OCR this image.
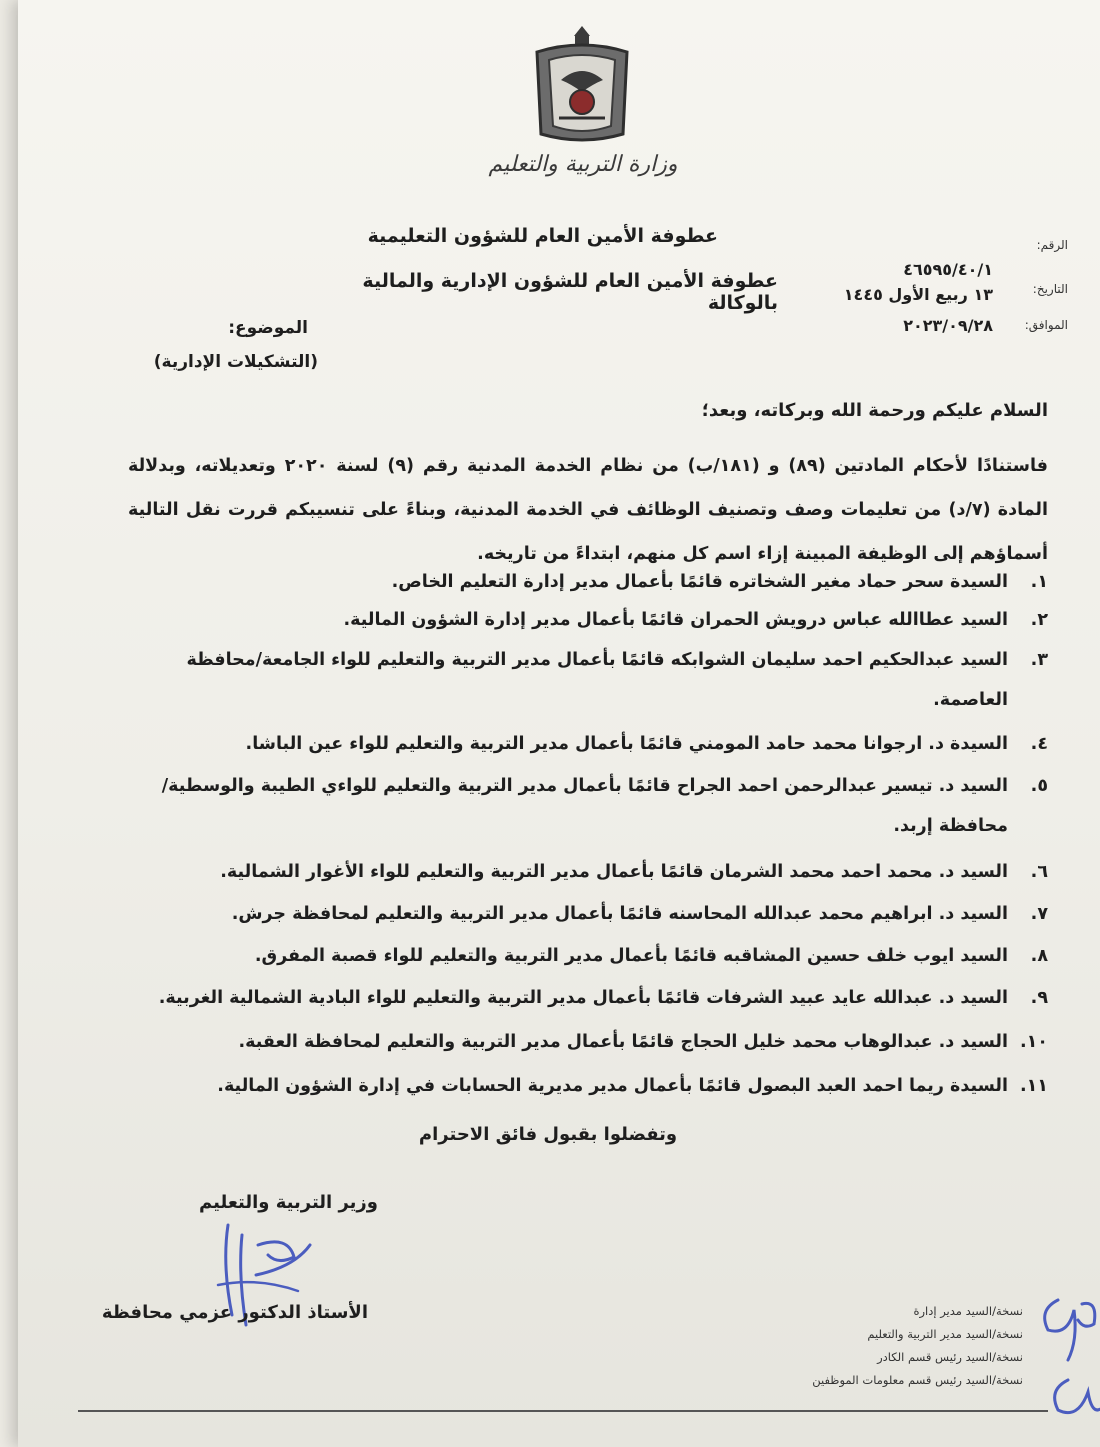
وزارة التربية والتعليم
عطوفة الأمين العام للشؤون التعليمية
عطوفة الأمين العام للشؤون الإدارية والمالية بالوكالة
الرقم:
٤٦٥٩٥/٤٠/١
التاريخ:
١٣ ربيع الأول ١٤٤٥
الموافق:
٢٠٢٣/٠٩/٢٨
الموضوع:
(التشكيلات الإدارية)
السلام عليكم ورحمة الله وبركاته، وبعد؛
فاستنادًا لأحكام المادتين (٨٩) و (١٨١/ب) من نظام الخدمة المدنية رقم (٩) لسنة ٢٠٢٠ وتعديلاته، وبدلالة المادة (٧/د) من تعليمات وصف وتصنيف الوظائف في الخدمة المدنية، وبناءً على تنسيبكم قررت نقل التالية أسماؤهم إلى الوظيفة المبينة إزاء اسم كل منهم، ابتداءً من تاريخه.
١.
السيدة سحر حماد مغير الشخاتره قائمًا بأعمال مدير إدارة التعليم الخاص.
٢.
السيد عطاالله عباس درويش الحمران قائمًا بأعمال مدير إدارة الشؤون المالية.
٣.
السيد عبدالحكيم احمد سليمان الشوابكه قائمًا بأعمال مدير التربية والتعليم للواء الجامعة/محافظة العاصمة.
٤.
السيدة د. ارجوانا محمد حامد المومني قائمًا بأعمال مدير التربية والتعليم للواء عين الباشا.
٥.
السيد د. تيسير عبدالرحمن احمد الجراح قائمًا بأعمال مدير التربية والتعليم للواءي الطيبة والوسطية/محافظة إربد.
٦.
السيد د. محمد احمد محمد الشرمان قائمًا بأعمال مدير التربية والتعليم للواء الأغوار الشمالية.
٧.
السيد د. ابراهيم محمد عبدالله المحاسنه قائمًا بأعمال مدير التربية والتعليم لمحافظة جرش.
٨.
السيد ايوب خلف حسين المشاقبه قائمًا بأعمال مدير التربية والتعليم للواء قصبة المفرق.
٩.
السيد د. عبدالله عايد عبيد الشرفات قائمًا بأعمال مدير التربية والتعليم للواء البادية الشمالية الغربية.
١٠.
السيد د. عبدالوهاب محمد خليل الحجاج قائمًا بأعمال مدير التربية والتعليم لمحافظة العقبة.
١١.
السيدة ريما احمد العبد البصول قائمًا بأعمال مدير مديرية الحسابات في إدارة الشؤون المالية.
وتفضلوا بقبول فائق الاحترام
وزير التربية والتعليم
الأستاذ الدكتور عزمي محافظة	نسخة/السيد مدير إدارة
نسخة/السيد مدير التربية والتعليم
نسخة/السيد رئيس قسم الكادر
نسخة/السيد رئيس قسم معلومات الموظفين
